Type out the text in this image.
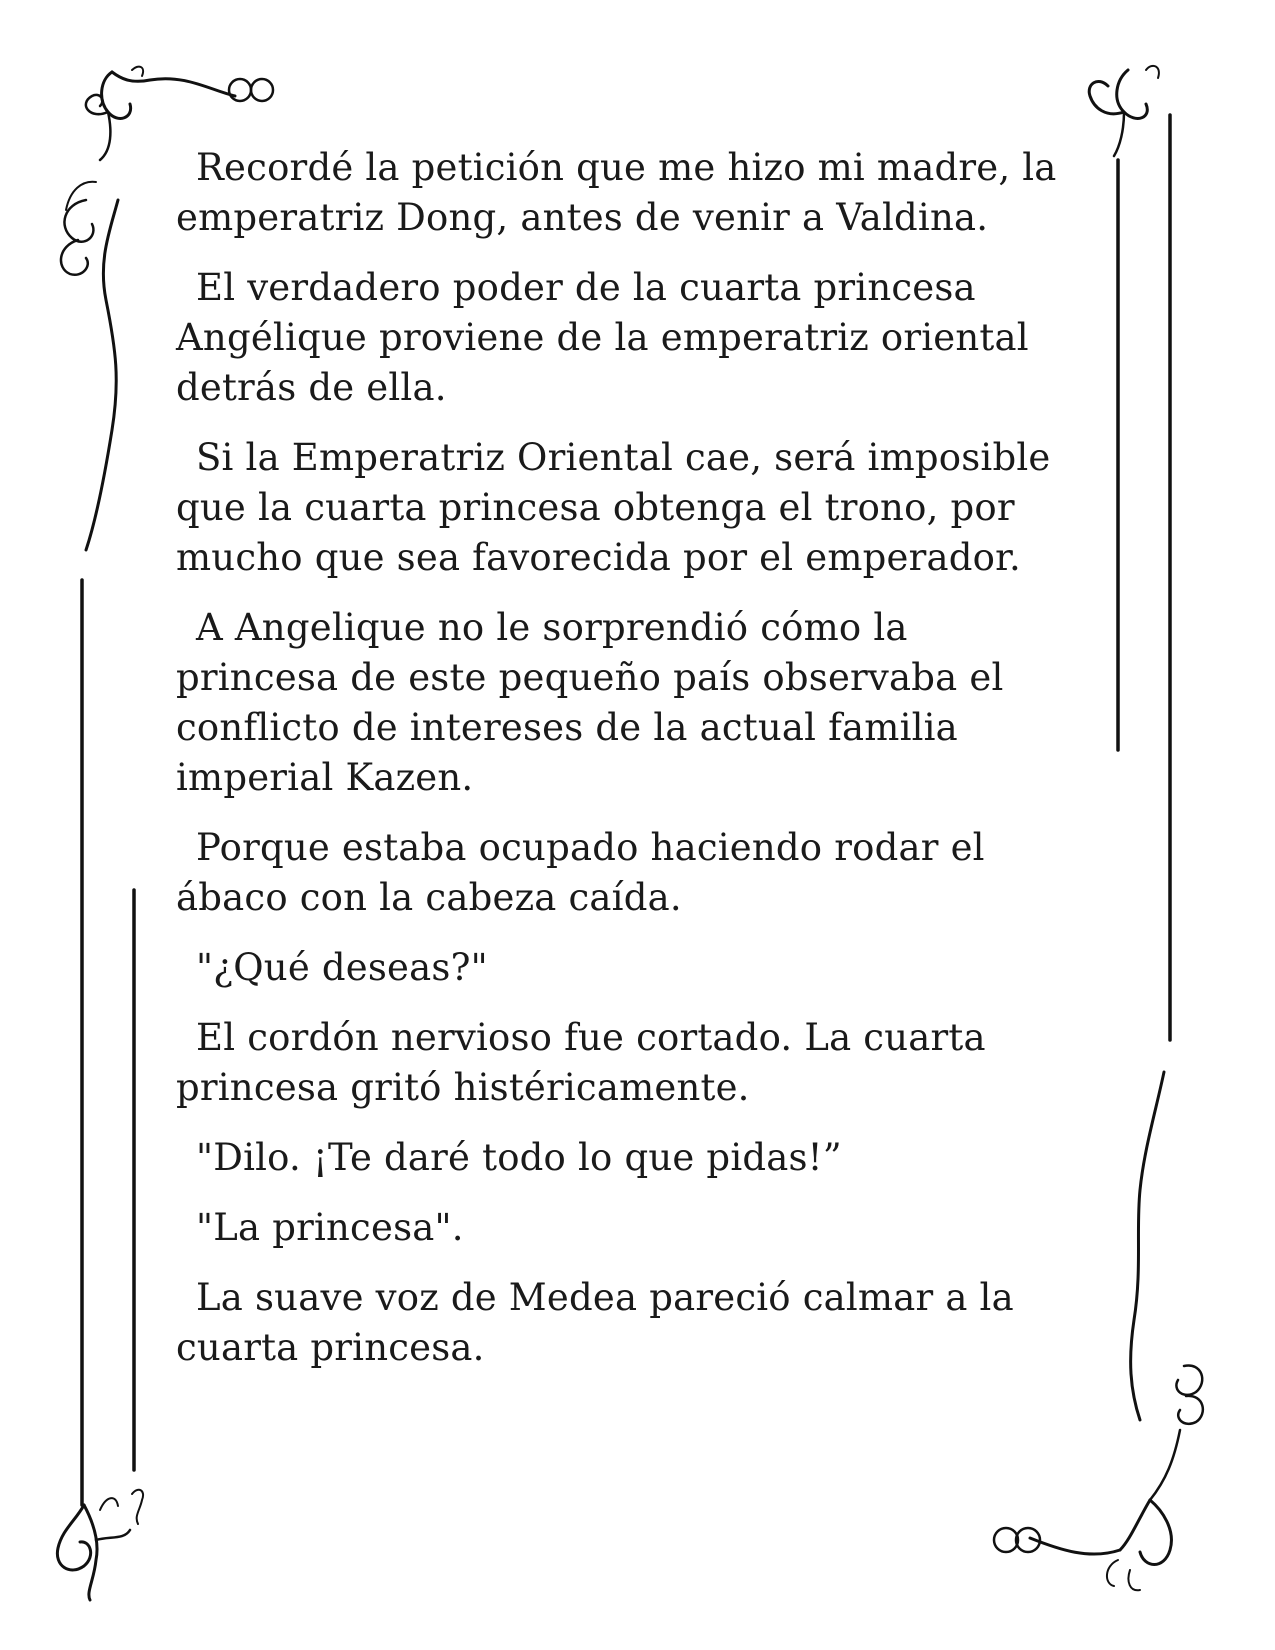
Recordé la petición que me hizo mi madre, la emperatriz Dong, antes de venir a Valdina.

El verdadero poder de la cuarta princesa Angélique proviene de la emperatriz oriental detrás de ella.

Si la Emperatriz Oriental cae, será imposible que la cuarta princesa obtenga el trono, por mucho que sea favorecida por el emperador.

A Angelique no le sorprendió cómo la princesa de este pequeño país observaba el conflicto de intereses de la actual familia imperial Kazen.

Porque estaba ocupado haciendo rodar el ábaco con la cabeza caída.

"¿Qué deseas?"

El cordón nervioso fue cortado. La cuarta princesa gritó histéricamente.

"Dilo. ¡Te daré todo lo que pidas!”

"La princesa".

La suave voz de Medea pareció calmar a la cuarta princesa.
